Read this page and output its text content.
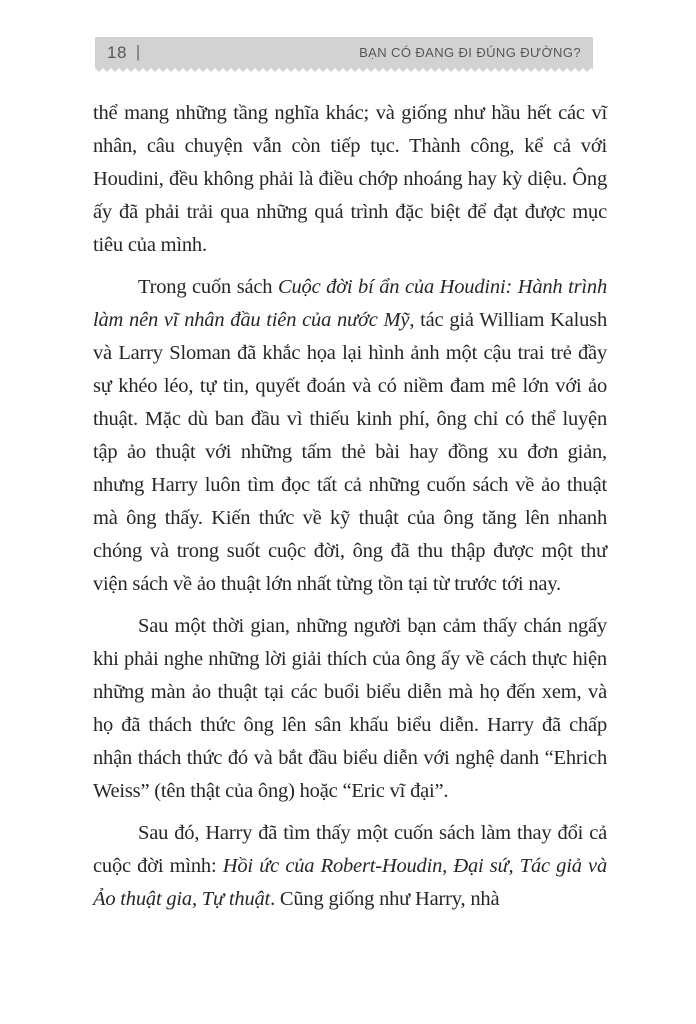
18 |	BẠN CÓ ĐANG ĐI ĐÚNG ĐƯỜNG?

thể mang những tầng nghĩa khác; và giống như hầu hết các vĩ nhân, câu chuyện vẫn còn tiếp tục. Thành công, kể cả với Houdini, đều không phải là điều chớp nhoáng hay kỳ diệu. Ông ấy đã phải trải qua những quá trình đặc biệt để đạt được mục tiêu của mình.

Trong cuốn sách Cuộc đời bí ẩn của Houdini: Hành trình làm nên vĩ nhân đầu tiên của nước Mỹ, tác giả William Kalush và Larry Sloman đã khắc họa lại hình ảnh một cậu trai trẻ đầy sự khéo léo, tự tin, quyết đoán và có niềm đam mê lớn với ảo thuật. Mặc dù ban đầu vì thiếu kinh phí, ông chỉ có thể luyện tập ảo thuật với những tấm thẻ bài hay đồng xu đơn giản, nhưng Harry luôn tìm đọc tất cả những cuốn sách về ảo thuật mà ông thấy. Kiến thức về kỹ thuật của ông tăng lên nhanh chóng và trong suốt cuộc đời, ông đã thu thập được một thư viện sách về ảo thuật lớn nhất từng tồn tại từ trước tới nay.

Sau một thời gian, những người bạn cảm thấy chán ngấy khi phải nghe những lời giải thích của ông ấy về cách thực hiện những màn ảo thuật tại các buổi biểu diễn mà họ đến xem, và họ đã thách thức ông lên sân khấu biểu diễn. Harry đã chấp nhận thách thức đó và bắt đầu biểu diễn với nghệ danh “Ehrich Weiss” (tên thật của ông) hoặc “Eric vĩ đại”.

Sau đó, Harry đã tìm thấy một cuốn sách làm thay đổi cả cuộc đời mình: Hồi ức của Robert-Houdin, Đại sứ, Tác giả và Ảo thuật gia, Tự thuật. Cũng giống như Harry, nhà
